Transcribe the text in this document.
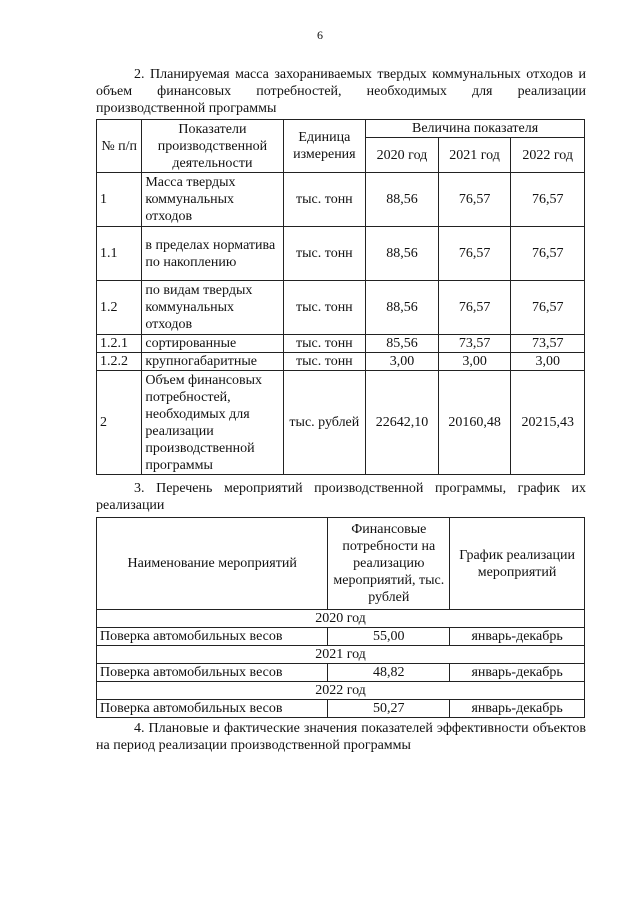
6
2. Планируемая масса захораниваемых твердых коммунальных отходов и объем финансовых потребностей, необходимых для реализации производственной программы
№ п/п	Показатели производственной деятельности	Единица измерения	Величина показателя		
			2020 год	2021 год	2022 год
1	Масса твердых коммунальных отходов	тыс. тонн	88,56	76,57	76,57
1.1	в пределах норматива по накоплению	тыс. тонн	88,56	76,57	76,57
1.2	по видам твердых коммунальных отходов	тыс. тонн	88,56	76,57	76,57
1.2.1	сортированные	тыс. тонн	85,56	73,57	73,57
1.2.2	крупногабаритные	тыс. тонн	3,00	3,00	3,00
2	Объем финансовых потребностей, необходимых для реализации производственной программы	тыс. рублей	22642,10	20160,48	20215,43
3. Перечень мероприятий производственной программы, график их реализации
Наименование мероприятий	Финансовые потребности на реализацию мероприятий, тыс. рублей	График реализации мероприятий
2020 год		
Поверка автомобильных весов	55,00	январь-декабрь
2021 год		
Поверка автомобильных весов	48,82	январь-декабрь
2022 год		
Поверка автомобильных весов	50,27	январь-декабрь
4. Плановые и фактические значения показателей эффективности объектов на период реализации производственной программы
